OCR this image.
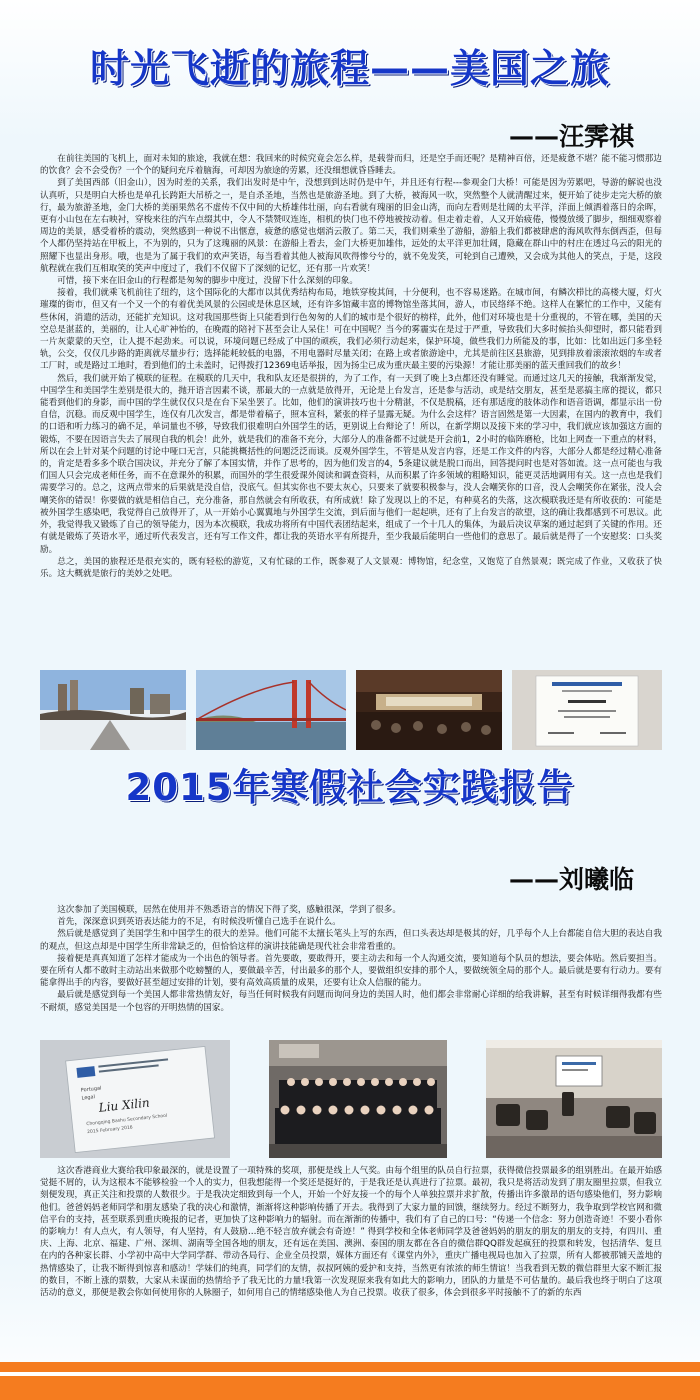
时光飞逝的旅程——美国之旅
——汪霁祺

在前往美国的飞机上，面对未知的旅途，我就在想：我回来的时候究竟会怎么样，是载誉而归，还是空手而还呢？是精神百倍，还是疲惫不堪？能不能习惯那边的饮食？会不会受伤？一个个的疑问充斥着脑海，可却因为旅途的劳累，还没细想就昏昏睡去。

到了美国西部（旧金山），因为时差的关系，我们出发时是中午，没想到到达时仍是中午，并且还有行程---参观金门大桥！可能是因为劳累吧，导游的解说也没认真听，只是明白大桥也是单孔长跨距大吊桥之一，是自杀圣地，当然也是旅游圣地。到了大桥，被海风一吹，突然整个人就清醒过来，便开始了徒步走完大桥的旅行，最为旅游圣地，金门大桥的美丽果然名不虚传不仅中间的大桥雄伟壮丽，向右看就有瑰丽的旧金山湾，而向左看则是壮阔的太平洋，洋面上倾洒着落日的余晖，更有小山包在左右映衬，穿梭来往的汽车点缀其中，令人不禁赞叹连连，相机的快门也不停地被按动着。但走着走着，人又开始疲倦，慢慢放缓了脚步，细细观察着周边的美景，感受着桥的震动，突然感到一种说不出惬意，疲惫的感觉也烟消云散了。第二天，我们则乘坐了游船，游船上我们都被肆虐的海风吹得东倒西歪，但每个人都仍坚持站在甲板上，不为别的，只为了这瑰丽的风景：在游船上看去，金门大桥更加雄伟，远处的太平洋更加壮阔，隐藏在群山中的村庄在透过乌云的阳光的照耀下也显出身形。哦，也是为了属于我们的欢声笑语，每当看着其他人被海风吹得惨兮兮的，就不免发笑，可轮到自己遭殃，又会成为其他人的笑点，于是，这段航程就在我们互相取笑的笑声中度过了，我们不仅留下了深刻的记忆，还有那一片欢笑！

可惜，接下来在旧金山的行程都是匆匆的脚步中度过，没留下什么深刻的印象。

接着，我们就乘飞机前往了纽约，这个国际化的大都市以其优秀结构布局，地铁穿梭其间，十分便利，也不容易迷路。在城市间，有鳞次栉比的高楼大厦，灯火璀璨的街市，但又有一个又一个的有着优美风景的公园或是休息区域，还有许多馆藏丰富的博物馆坐落其间，游人，市民络绎不绝。这样人在繁忙的工作中，又能有些休闲，消遣的活动，还能扩充知识。这对我国那些街上只能看到行色匆匆的人们的城市是个很好的榜样，此外，他们对环境也是十分重视的，不管在哪，美国的天空总是湛蓝的，美丽的，让人心旷神怡的，在晚霞的陪衬下甚至会让人呆住！可在中国呢？当今的雾霾实在是过于严重，导致我们大多时候抬头仰望时，都只能看到一片灰蒙蒙的天空，让人提不起劲来。可以说，环境问题已经成了中国的顽疾，我们必须行动起来，保护环境，做些我们力所能及的事，比如：比如出远门多坐轻轨，公交，仅仅几步路的距离就尽量步行；选择能耗较低的电器，不用电器时尽量关闭；在路上或者旅游途中，尤其是前往区县旅游，见到排放着滚滚浓烟的车或者工厂时，或是路过工地时，看到他们的土未盖时，记得拨打12369电话举报，因为扬尘已成为重庆最主要的污染源！才能让那美丽的蓝天重回我们的故乡！

然后，我们就开始了模联的征程。在模联的几天中，我和队友还是很拼的，为了工作，有一天到了晚上3点都还没有睡觉。而通过这几天的接触，我渐渐发觉，中国学生和美国学生差别是很大的，抛开语言因素不谈，那最大的一点就是放得开，无论是上台发言，还是参与活动，或是结交朋友，甚至是恶搞主席的提议，都只能看到他们的身影，而中国的学生就仅仅只是在台下呆坐罢了。比如，他们的演讲技巧也十分精湛，不仅是脱稿，还有那适度的肢体动作和语音语调，都显示出一份自信，沉稳。而反观中国学生，连仅有几次发言，都是带着稿子，照本宣科，紧张的样子显露无疑。为什么会这样？语言固然是第一大因素，在国内的教育中，我们的口语和听力练习的确不足，单词量也不够，导致我们很难明白外国学生的话，更别说上台辩论了！所以，在新学期以及接下来的学习中，我们就应该加强这方面的锻炼，不要在因语言失去了展现自我的机会！此外，就是我们的准备不充分，大部分人的准备都不过就是开会前1，2小时的临阵磨枪，比如上网查一下重点的材料，所以在会上针对某个问题的讨论中哑口无言，只能挑概括性的问题泛泛而谈。反观外国学生，不管是从发言内容，还是工作文件的内容，大部分人都是经过精心准备的，肯定是看多多个联合国决议，并充分了解了本国实情，并作了思考的，因为他们发言的4，5条建议就是脱口而出，回答提问时也是对答如流。这一点可能也与我们国人只会完成老师任务，而不在意课外的积累，而国外的学生很爱课外阅读和调查资料，从而积累了许多领域的粗略知识，能更灵活地调用有关。这一点也是我们需要学习的。总之，这两点带来的后果就是没自信，没底气。但其实你也不要太灰心，只要来了就要积极参与，没人会嘲笑你的口音，没人会嘲笑你在紧张，没人会嘲笑你的错误！你要做的就是相信自己，充分准备，那自然就会有所收获，有所成就！除了发现以上的不足，有种莫名的失落，这次模联我还是有所收获的：可能是被外国学生感染吧，我觉得自己放得开了，从一开始小心翼翼地与外国学生交流，到后面与他们一起起哄，还有了上台发言的欲望，这的确让我都感到不可思议。此外，我觉得我又锻炼了自己的领导能力，因为本次模联，我成功将所有中国代表团结起来，组成了一个十几人的集体，为最后决议草案的通过起到了关键的作用。还有就是锻炼了英语水平，通过听代表发言，还有写工作文件，都让我的英语水平有所提升，至少我最后能明白一些他们的意思了。最后就是得了一个安慰奖：口头奖励。

总之，美国的旅程还是很充实的，既有轻松的游览，又有忙碌的工作，既参观了人文景观：博物馆，纪念堂，又饱览了自然景观；既完成了作业，又收获了快乐。这大概就是旅行的美妙之处吧。

2015年寒假社会实践报告
——刘曦临

这次参加了美国模联，居然在使用并不熟悉语言的情况下得了奖，感触很深，学到了很多。

首先，深深意识到英语表达能力的不足，有时候没听懂自己选手在说什么。

然后就是感觉到了美国学生和中国学生的很大的差异。他们可能不太擅长笔头上写的东西，但口头表达却是极其的好，几乎每个人上台都能自信大胆的表达自我的观点，但这点却是中国学生所非常缺乏的，但恰恰这样的演讲技能确是现代社会非常看重的。

接着便是真真知道了怎样才能成为一个出色的领导者。首先要敢，要敢得开，要主动去和每一个人沟通交流，要知道每个队员的想法，要会体贴。然后要担当。要在所有人都不敢时主动站出来做那个吃螃蟹的人，要做最辛苦，付出最多的那个人，要做组织安排的那个人，要做统领全局的那个人。最后就是要有行动力。要有能拿得出手的内容，要做好甚至超过安排的计划，要有高效高质量的成果，还要有让众人信服的能力。

最后就是感觉到每一个美国人都非常热情友好，每当任何时候我有问题而询问身边的美国人时，他们都会非常耐心详细的给我讲解，甚至有时候详细得我都有些不耐烦，感觉美国是一个包容的开明热情的国家。

Portugal
Legal Liu Xilin
Chongqing Bashu Secondary School
2015 February 2016

这次香港商业大赛给我印象最深的，就是设置了一项特殊的奖项，那便是线上人气奖。由每个组里的队员自行拉票，获得微信投票最多的组别胜出。在最开始感觉挺不屑的，认为这根本不能够检验一个人的实力，但我想能得一个奖还是挺好的，于是我还是认真进行了拉票。最初，我只是将活动发到了朋友圈里拉票，但我立刻便发现，真正关注和投票的人数很少。于是我决定细致到每一个人，开始一个好友接一个的每个人单独拉票并求扩散，传播出许多激昂的语句感染他们，努力影响他们。爸爸妈妈老师同学和朋友感染了我的决心和激情，渐渐将这种影响传播了开去。我得到了大家力量的回馈，继续努力。经过不断努力，我争取到学校官网和微信平台的支持，甚至联系到重庆晚报的记者，更加快了这种影响力的辐射。而在渐渐的传播中，我们有了自己的口号：“传递一个信念：努力创造奇迹！不要小看你的影响力！有人点火，有人领导，有人坚持，有人鼓励…绝不轻言放弃就会有奇迹！” 得到学校和全体老师同学及爸爸妈妈的朋友的朋友的朋友的支持，有四川、重庆、上海、北京、福建、广州、深圳、湖南等全国各地的朋友，还有远在美国、澳洲、泰国的朋友都在各自的微信群QQ群发起疯狂的投票和转发，包括清华、复旦在内的各种家长群、小学初中高中大学同学群、带动各局行、企业全员投票，媒体方面还有《课堂内外》，重庆广播电视局也加入了拉票，所有人都被那铺天盖地的热情感染了，让我不断得到惊喜和感动！学妹们的纯真，同学们的友情，叔叔阿姨的爱护和支持，当然更有浓浓的师生情谊！当我看到无数的微信群里大家不断汇报的数目，不断上涨的票数，大家从未谋面的热情给予了我无比的力量!我第一次发现原来我有如此大的影响力，团队的力量是不可估量的。最后我也终于明白了这项活动的意义，那便是教会你如何使用你的人脉圈子，如何用自己的情绪感染他人为自己投票。收获了很多，体会到很多平时接触不了的新的东西
